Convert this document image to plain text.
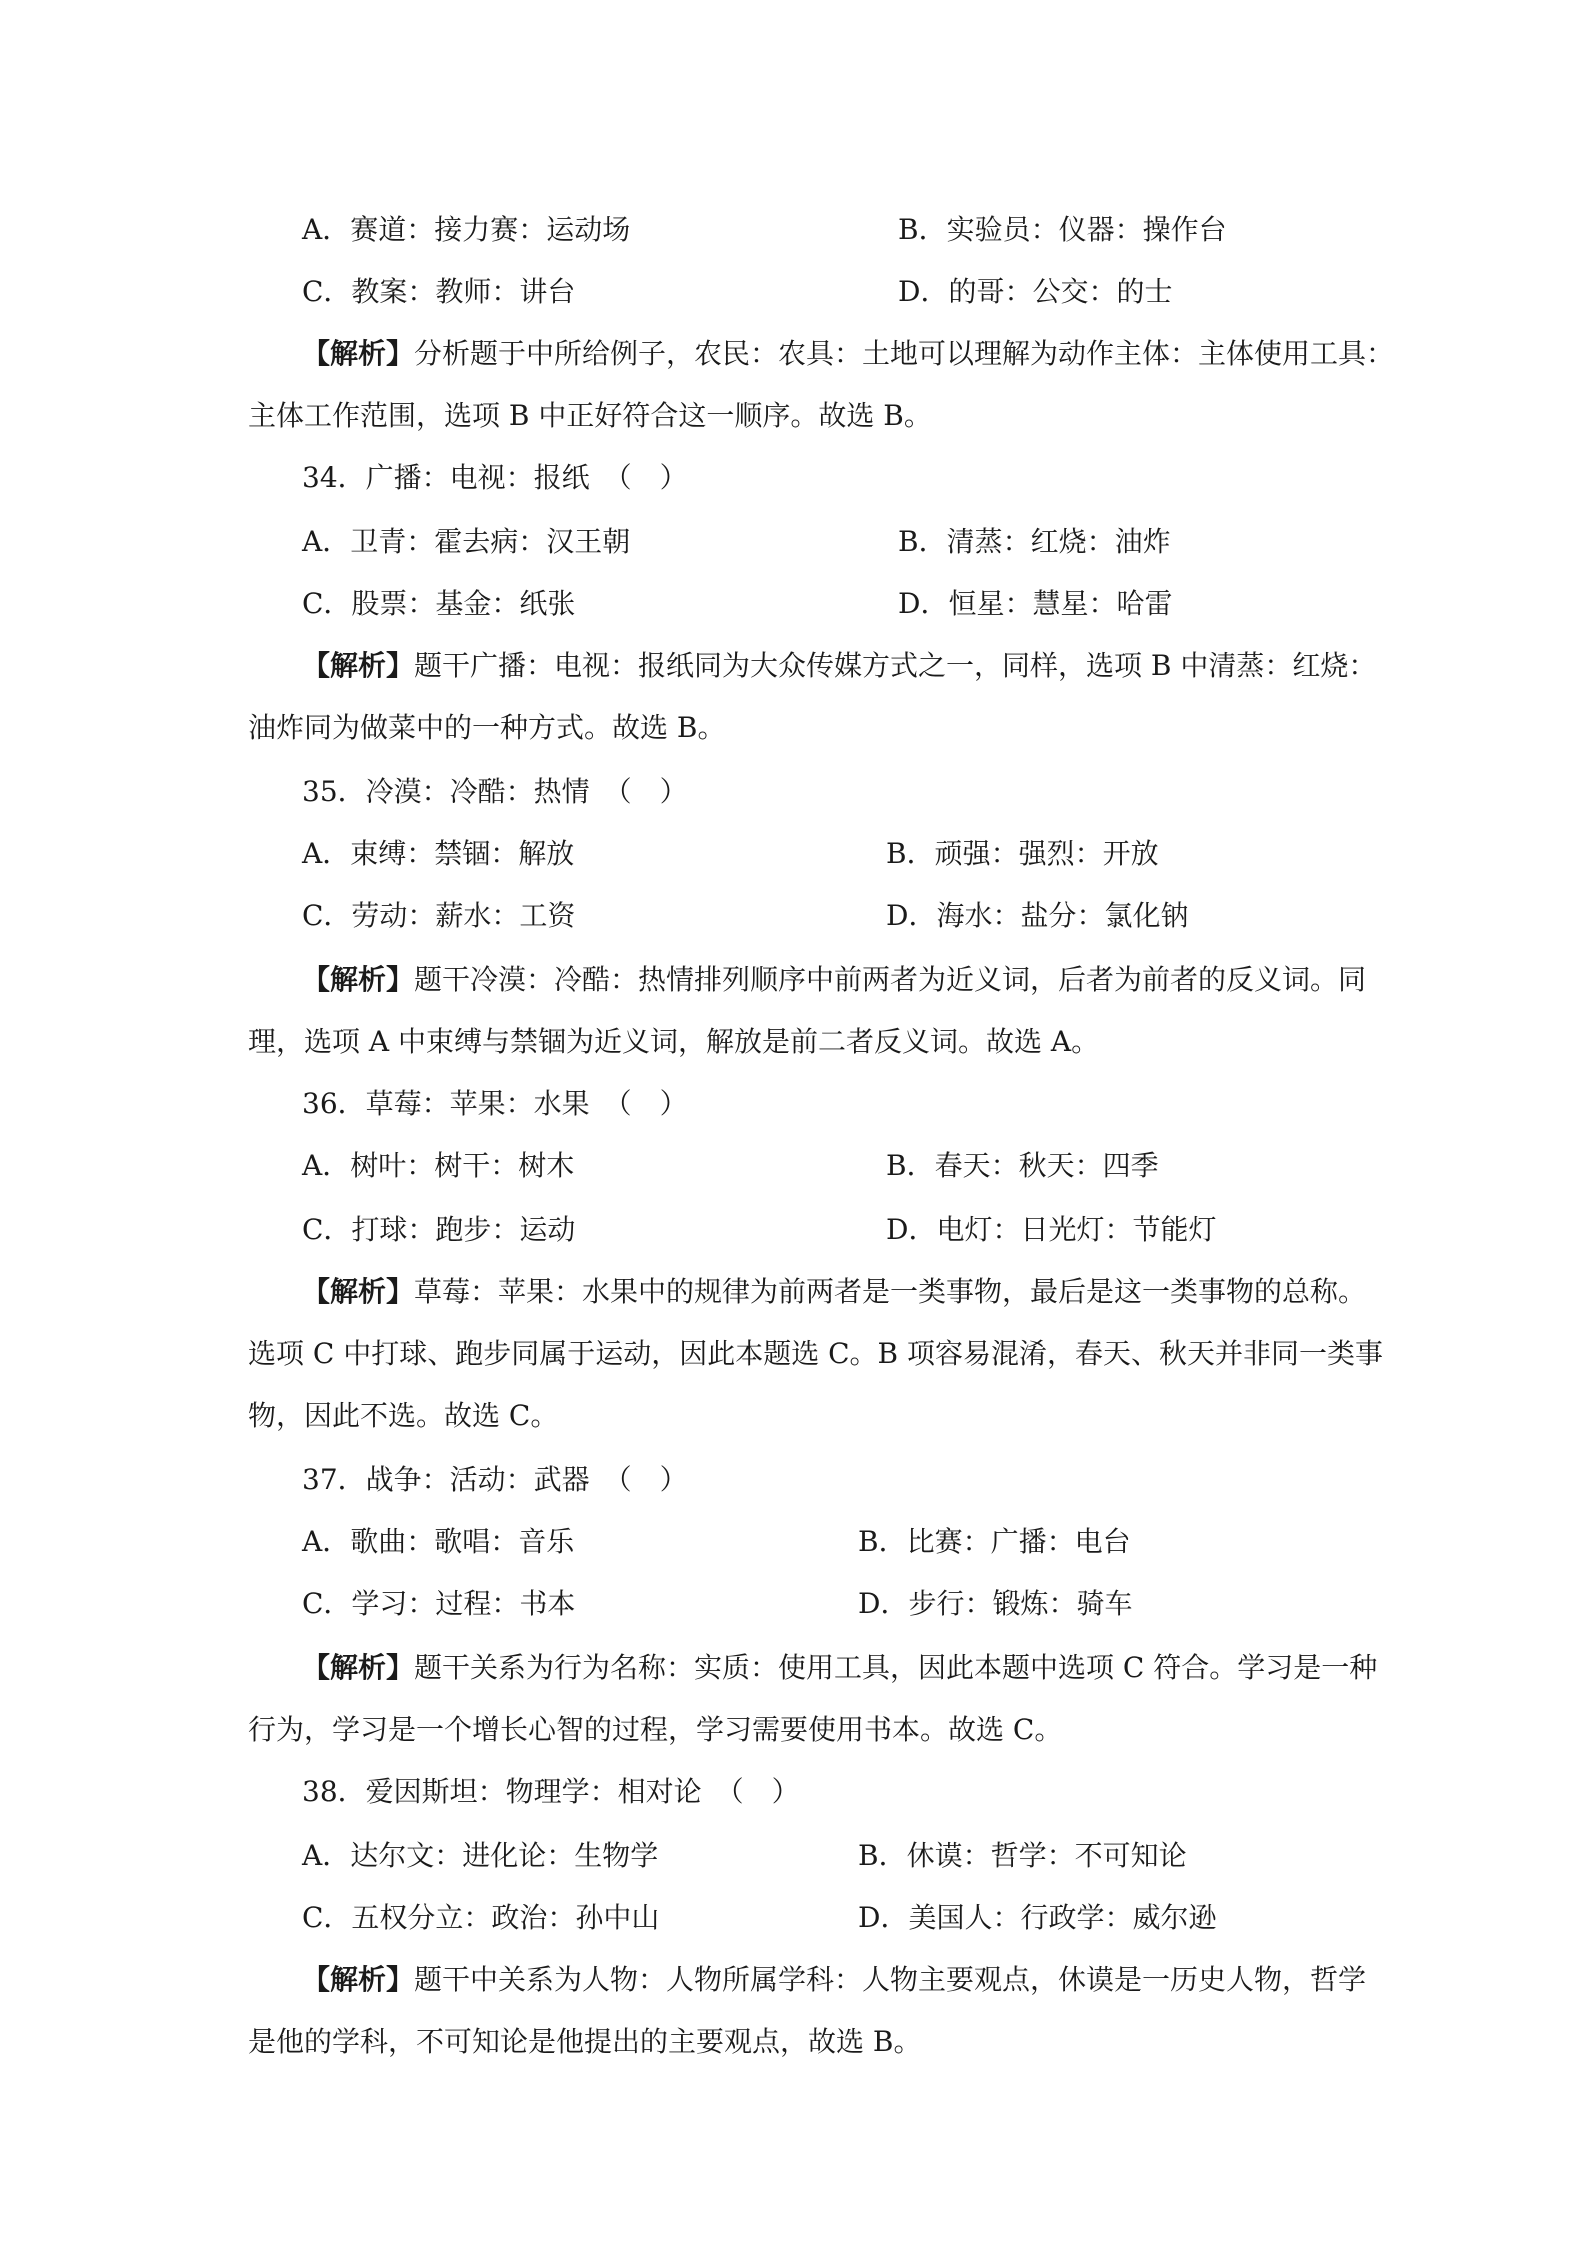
A．赛道：接力赛：运动场	B．实验员：仪器：操作台
C．教案：教师：讲台	D．的哥：公交：的士
【解析】分析题于中所给例子，农民：农具：土地可以理解为动作主体：主体使用工具：
主体工作范围，选项 B 中正好符合这一顺序。故选 B。
34．广播：电视：报纸　（　）
A．卫青：霍去病：汉王朝	B．清蒸：红烧：油炸
C．股票：基金：纸张	D．恒星：慧星：哈雷
【解析】题干广播：电视：报纸同为大众传媒方式之一，同样，选项 B 中清蒸：红烧：
油炸同为做菜中的一种方式。故选 B。
35．冷漠：冷酷：热情　（　）
A．束缚：禁锢：解放	B．顽强：强烈：开放
C．劳动：薪水：工资	D．海水：盐分：氯化钠
【解析】题干冷漠：冷酷：热情排列顺序中前两者为近义词，后者为前者的反义词。同
理，选项 A 中束缚与禁锢为近义词，解放是前二者反义词。故选 A。
36．草莓：苹果：水果　（　）
A．树叶：树干：树木	B．春天：秋天：四季
C．打球：跑步：运动	D．电灯：日光灯：节能灯
【解析】草莓：苹果：水果中的规律为前两者是一类事物，最后是这一类事物的总称。
选项 C 中打球、跑步同属于运动，因此本题选 C。B 项容易混淆，春天、秋天并非同一类事
物，因此不选。故选 C。
37．战争：活动：武器　（　）
A．歌曲：歌唱：音乐	B．比赛：广播：电台
C．学习：过程：书本	D．步行：锻炼：骑车
【解析】题干关系为行为名称：实质：使用工具，因此本题中选项 C 符合。学习是一种
行为，学习是一个增长心智的过程，学习需要使用书本。故选 C。
38．爱因斯坦：物理学：相对论　（　）
A．达尔文：进化论：生物学	B．休谟：哲学：不可知论
C．五权分立：政治：孙中山	D．美国人：行政学：威尔逊
【解析】题干中关系为人物：人物所属学科：人物主要观点，休谟是一历史人物，哲学
是他的学科，不可知论是他提出的主要观点，故选 B。
